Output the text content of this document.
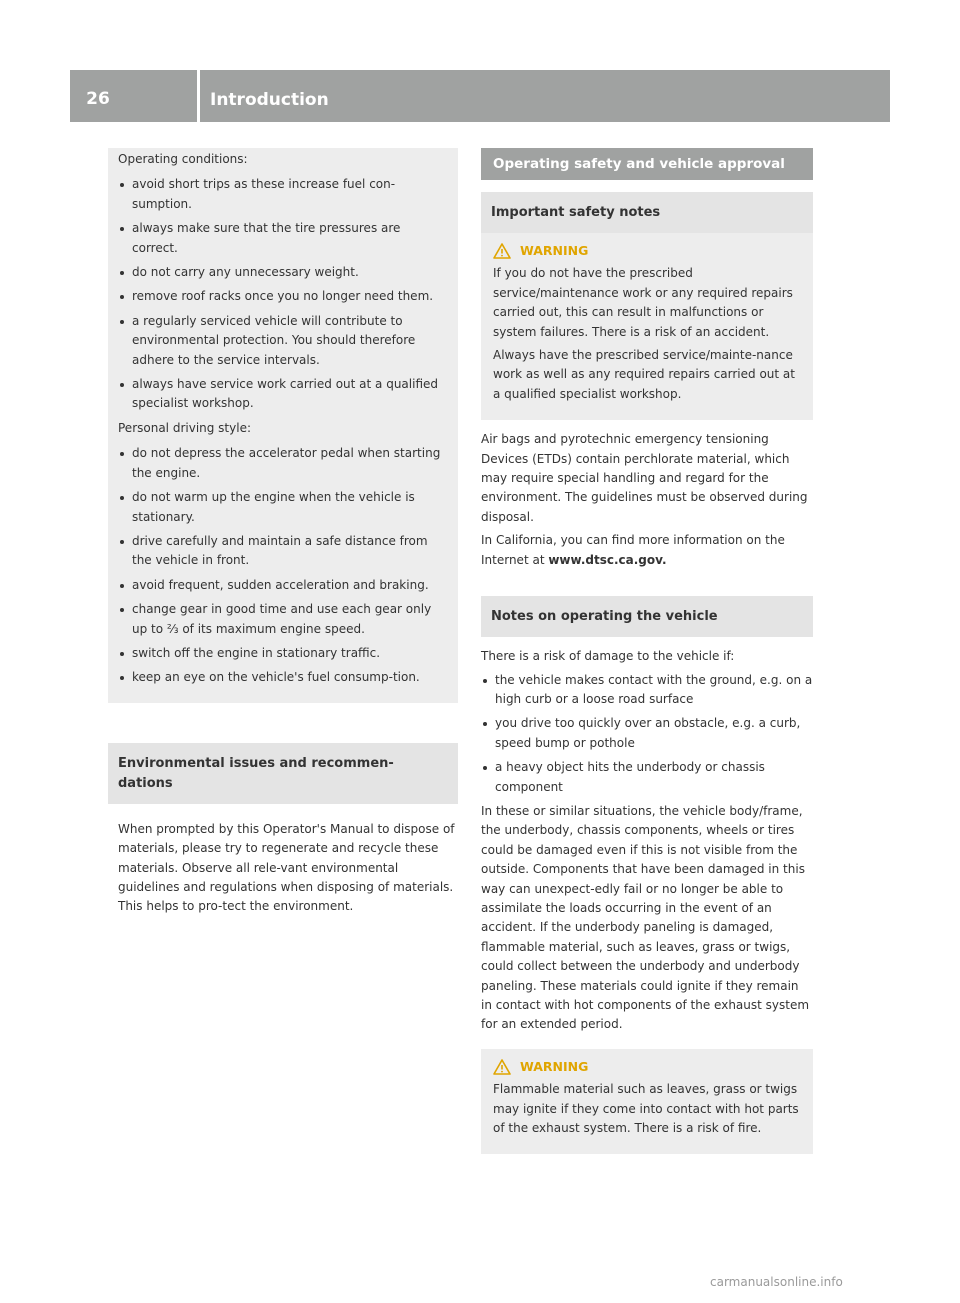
26	Introduction

Operating conditions:

avoid short trips as these increase fuel con-sumption.
always make sure that the tire pressures are correct.
do not carry any unnecessary weight.
remove roof racks once you no longer need them.
a regularly serviced vehicle will contribute to environmental protection. You should therefore adhere to the service intervals.
always have service work carried out at a qualified specialist workshop.

Personal driving style:

do not depress the accelerator pedal when starting the engine.
do not warm up the engine when the vehicle is stationary.
drive carefully and maintain a safe distance from the vehicle in front.
avoid frequent, sudden acceleration and braking.
change gear in good time and use each gear only up to ⅔ of its maximum engine speed.
switch off the engine in stationary traffic.
keep an eye on the vehicle's fuel consump-tion.
Environmental issues and recommen-dations

When prompted by this Operator's Manual to dispose of materials, please try to regenerate and recycle these materials. Observe all rele-vant environmental guidelines and regulations when disposing of materials. This helps to pro-tect the environment.

Operating safety and vehicle approval
Important safety notes
WARNING

If you do not have the prescribed service/maintenance work or any required repairs carried out, this can result in malfunctions or system failures. There is a risk of an accident.

Always have the prescribed service/mainte-nance work as well as any required repairs carried out at a qualified specialist workshop.

Air bags and pyrotechnic emergency tensioning Devices (ETDs) contain perchlorate material, which may require special handling and regard for the environment. The guidelines must be observed during disposal.

In California, you can find more information on the Internet at www.dtsc.ca.gov.

Notes on operating the vehicle

There is a risk of damage to the vehicle if:

the vehicle makes contact with the ground, e.g. on a high curb or a loose road surface
you drive too quickly over an obstacle, e.g. a curb, speed bump or pothole
a heavy object hits the underbody or chassis component

In these or similar situations, the vehicle body/frame, the underbody, chassis components, wheels or tires could be damaged even if this is not visible from the outside. Components that have been damaged in this way can unexpect-edly fail or no longer be able to assimilate the loads occurring in the event of an accident. If the underbody paneling is damaged, flammable material, such as leaves, grass or twigs, could collect between the underbody and underbody paneling. These materials could ignite if they remain in contact with hot components of the exhaust system for an extended period.

WARNING

Flammable material such as leaves, grass or twigs may ignite if they come into contact with hot parts of the exhaust system. There is a risk of fire.

carmanualsonline.info
